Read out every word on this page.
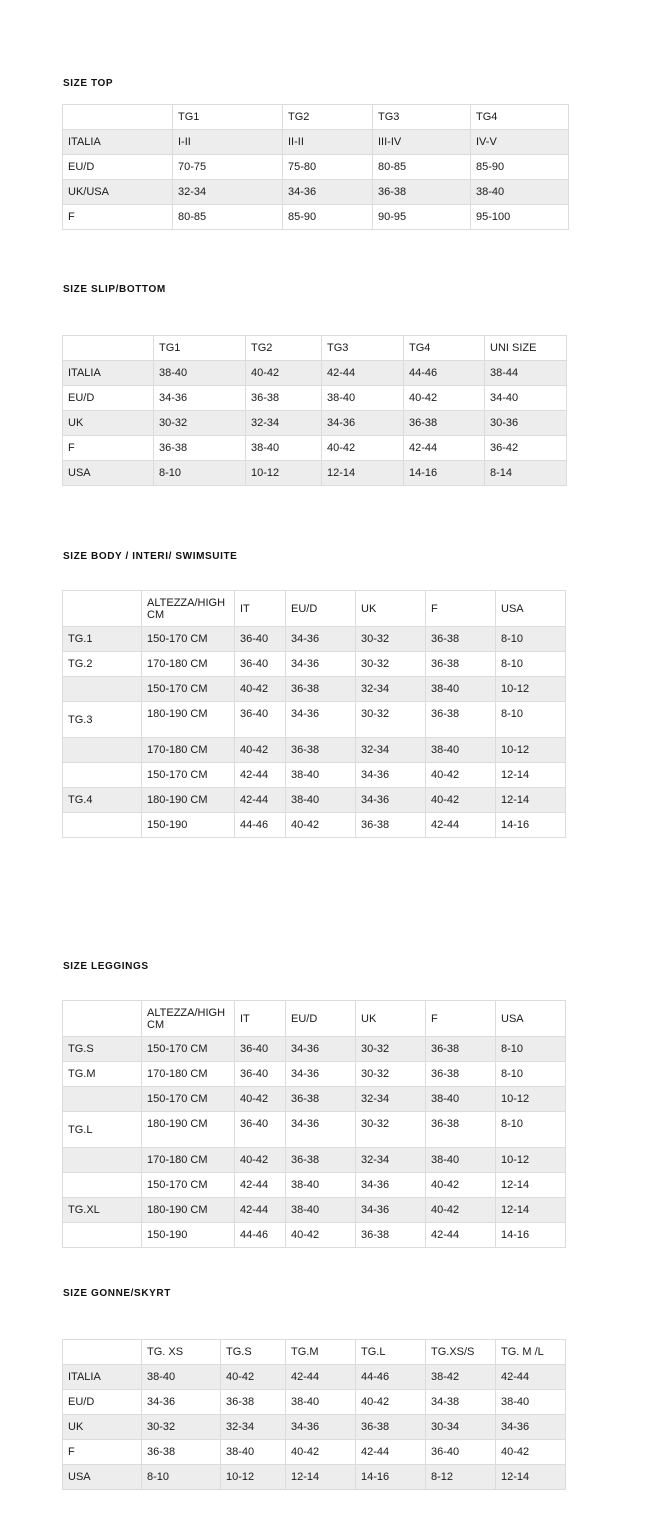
SIZE TOP
	TG1	TG2	TG3	TG4
ITALIA	I-II	II-II	III-IV	IV-V
EU/D	70-75	75-80	80-85	85-90
UK/USA	32-34	34-36	36-38	38-40
F	80-85	85-90	90-95	95-100
SIZE SLIP/BOTTOM
	TG1	TG2	TG3	TG4	UNI SIZE
ITALIA	38-40	40-42	42-44	44-46	38-44
EU/D	34-36	36-38	38-40	40-42	34-40
UK	30-32	32-34	34-36	36-38	30-36
F	36-38	38-40	40-42	42-44	36-42
USA	8-10	10-12	12-14	14-16	8-14
SIZE BODY / INTERI/ SWIMSUITE
	ALTEZZA/HIGH CM	IT	EU/D	UK	F	USA
TG.1	150-170 CM	36-40	34-36	30-32	36-38	8-10
TG.2	170-180 CM	36-40	34-36	30-32	36-38	8-10
	150-170 CM	40-42	36-38	32-34	38-40	10-12
TG.3	180-190 CM	36-40	34-36	30-32	36-38	8-10
	170-180 CM	40-42	36-38	32-34	38-40	10-12
	150-170 CM	42-44	38-40	34-36	40-42	12-14
TG.4	180-190 CM	42-44	38-40	34-36	40-42	12-14
	150-190	44-46	40-42	36-38	42-44	14-16
SIZE LEGGINGS
	ALTEZZA/HIGH CM	IT	EU/D	UK	F	USA
TG.S	150-170 CM	36-40	34-36	30-32	36-38	8-10
TG.M	170-180 CM	36-40	34-36	30-32	36-38	8-10
	150-170 CM	40-42	36-38	32-34	38-40	10-12
TG.L	180-190 CM	36-40	34-36	30-32	36-38	8-10
	170-180 CM	40-42	36-38	32-34	38-40	10-12
	150-170 CM	42-44	38-40	34-36	40-42	12-14
TG.XL	180-190 CM	42-44	38-40	34-36	40-42	12-14
	150-190	44-46	40-42	36-38	42-44	14-16
SIZE GONNE/SKYRT
	TG. XS	TG.S	TG.M	TG.L	TG.XS/S	TG. M /L
ITALIA	38-40	40-42	42-44	44-46	38-42	42-44
EU/D	34-36	36-38	38-40	40-42	34-38	38-40
UK	30-32	32-34	34-36	36-38	30-34	34-36
F	36-38	38-40	40-42	42-44	36-40	40-42
USA	8-10	10-12	12-14	14-16	8-12	12-14
